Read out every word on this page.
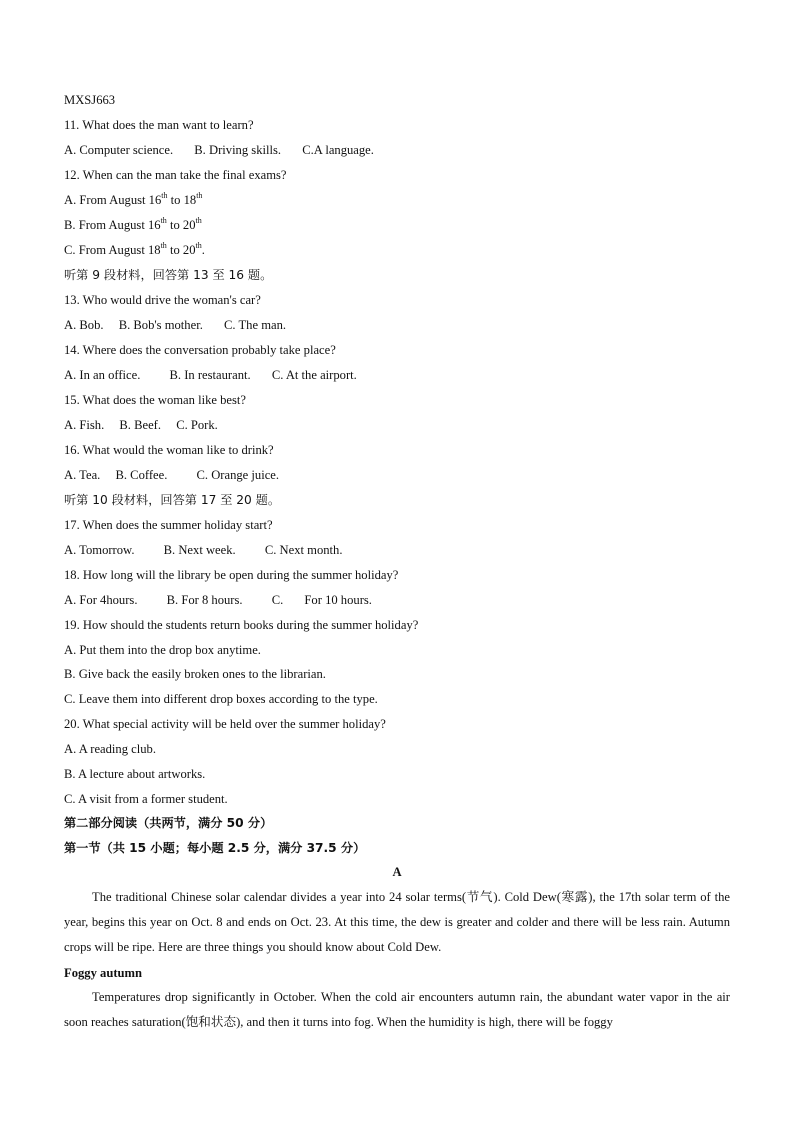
MXSJ663
11. What does the man want to learn?
A. Computer science. B. Driving skills. C.A language.
12. When can the man take the final exams?
A. From August 16th to 18th
B. From August 16th to 20th
C. From August 18th to 20th.
听第 9 段材料，回答第 13 至 16 题。
13. Who would drive the woman's car?
A. Bob. B. Bob's mother. C. The man.
14. Where does the conversation probably take place?
A. In an office. B. In restaurant. C. At the airport.
15. What does the woman like best?
A. Fish. B. Beef. C. Pork.
16. What would the woman like to drink?
A. Tea. B. Coffee. C. Orange juice.
听第 10 段材料，回答第 17 至 20 题。
17. When does the summer holiday start?
A. Tomorrow. B. Next week. C. Next month.
18. How long will the library be open during the summer holiday?
A. For 4hours. B. For 8 hours. C. For 10 hours.
19. How should the students return books during the summer holiday?
A. Put them into the drop box anytime.
B. Give back the easily broken ones to the librarian.
C. Leave them into different drop boxes according to the type.
20. What special activity will be held over the summer holiday?
A. A reading club.
B. A lecture about artworks.
C. A visit from a former student.
第二部分阅读（共两节，满分 50 分）
第一节（共 15 小题；每小题 2.5 分，满分 37.5 分）
A
The traditional Chinese solar calendar divides a year into 24 solar terms(节气). Cold Dew(寒露), the 17th solar term of the year, begins this year on Oct. 8 and ends on Oct. 23. At this time, the dew is greater and colder and there will be less rain. Autumn crops will be ripe. Here are three things you should know about Cold Dew.
Foggy autumn
Temperatures drop significantly in October. When the cold air encounters autumn rain, the abundant water vapor in the air soon reaches saturation(饱和状态), and then it turns into fog. When the humidity is high, there will be foggy
